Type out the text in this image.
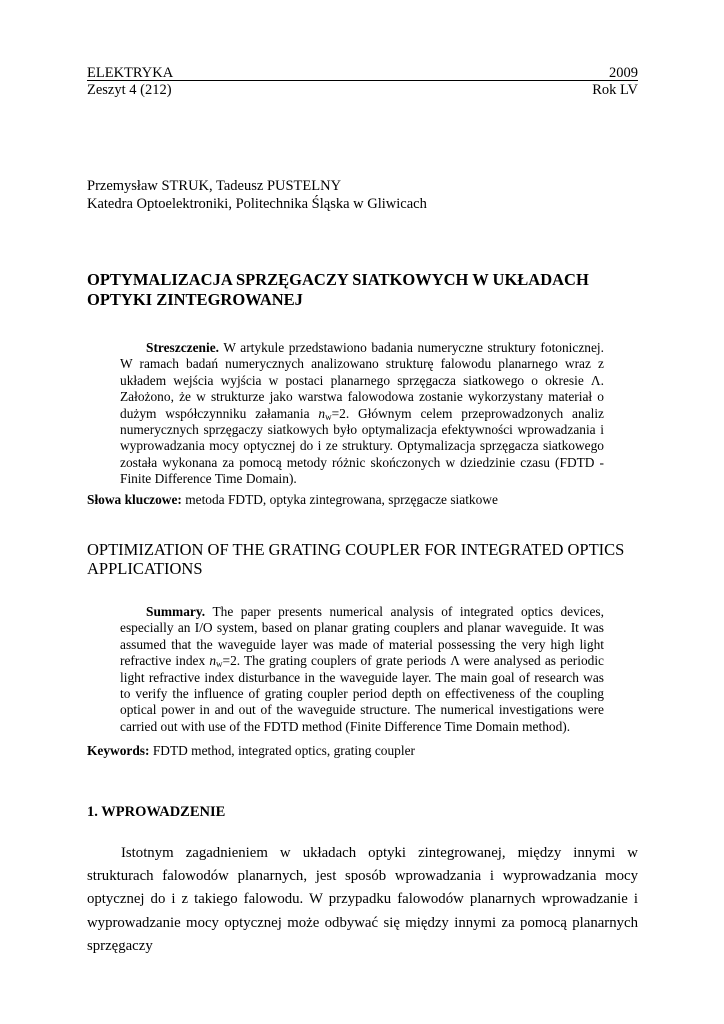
ELEKTRYKA	2009
Zeszyt 4 (212)	Rok LV
Przemysław STRUK, Tadeusz PUSTELNY
Katedra Optoelektroniki, Politechnika Śląska w Gliwicach
OPTYMALIZACJA SPRZĘGACZY SIATKOWYCH W UKŁADACH OPTYKI ZINTEGROWANEJ
Streszczenie. W artykule przedstawiono badania numeryczne struktury fotonicznej. W ramach badań numerycznych analizowano strukturę falowodu planarnego wraz z układem wejścia wyjścia w postaci planarnego sprzęgacza siatkowego o okresie Λ. Założono, że w strukturze jako warstwa falowodowa zostanie wykorzystany materiał o dużym współczynniku załamania $n_w=2$. Głównym celem przeprowadzonych analiz numerycznych sprzęgaczy siatkowych było optymalizacja efektywności wprowadzania i wyprowadzania mocy optycznej do i ze struktury. Optymalizacja sprzęgacza siatkowego została wykonana za pomocą metody różnic skończonych w dziedzinie czasu (FDTD - Finite Difference Time Domain).
Słowa kluczowe: metoda FDTD, optyka zintegrowana, sprzęgacze siatkowe
OPTIMIZATION OF THE GRATING COUPLER FOR INTEGRATED OPTICS APPLICATIONS
Summary. The paper presents numerical analysis of integrated optics devices, especially an I/O system, based on planar grating couplers and planar waveguide. It was assumed that the waveguide layer was made of material possessing the very high light refractive index $n_w=2$. The grating couplers of grate periods Λ were analysed as periodic light refractive index disturbance in the waveguide layer. The main goal of research was to verify the influence of grating coupler period depth on effectiveness of the coupling optical power in and out of the waveguide structure. The numerical investigations were carried out with use of the FDTD method (Finite Difference Time Domain method).
Keywords: FDTD method, integrated optics, grating coupler
1. WPROWADZENIE
Istotnym zagadnieniem w układach optyki zintegrowanej, między innymi w strukturach falowodów planarnych, jest sposób wprowadzania i wyprowadzania mocy optycznej do i z takiego falowodu. W przypadku falowodów planarnych wprowadzanie i wyprowadzanie mocy optycznej może odbywać się między innymi za pomocą planarnych sprzęgaczy
